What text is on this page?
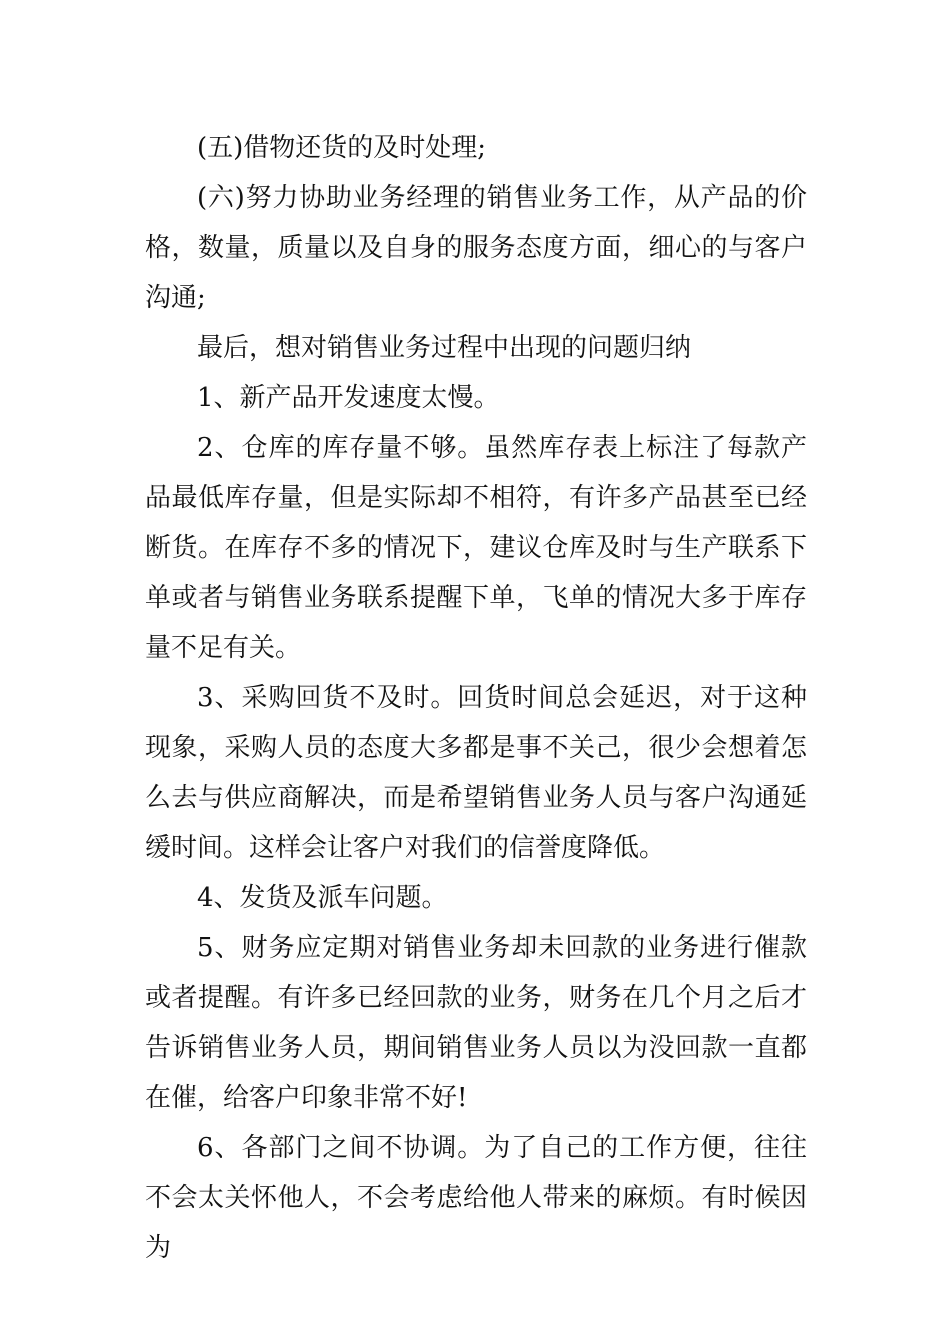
(五)借物还货的及时处理;

(六)努力协助业务经理的销售业务工作，从产品的价格，数量，质量以及自身的服务态度方面，细心的与客户沟通;

最后，想对销售业务过程中出现的问题归纳

1、新产品开发速度太慢。

2、仓库的库存量不够。虽然库存表上标注了每款产品最低库存量，但是实际却不相符，有许多产品甚至已经断货。在库存不多的情况下，建议仓库及时与生产联系下单或者与销售业务联系提醒下单，飞单的情况大多于库存量不足有关。

3、采购回货不及时。回货时间总会延迟，对于这种现象，采购人员的态度大多都是事不关己，很少会想着怎么去与供应商解决，而是希望销售业务人员与客户沟通延缓时间。这样会让客户对我们的信誉度降低。

4、发货及派车问题。

5、财务应定期对销售业务却未回款的业务进行催款或者提醒。有许多已经回款的业务，财务在几个月之后才告诉销售业务人员，期间销售业务人员以为没回款一直都在催，给客户印象非常不好!

6、各部门之间不协调。为了自己的工作方便，往往不会太关怀他人，不会考虑给他人带来的麻烦。有时候因为
